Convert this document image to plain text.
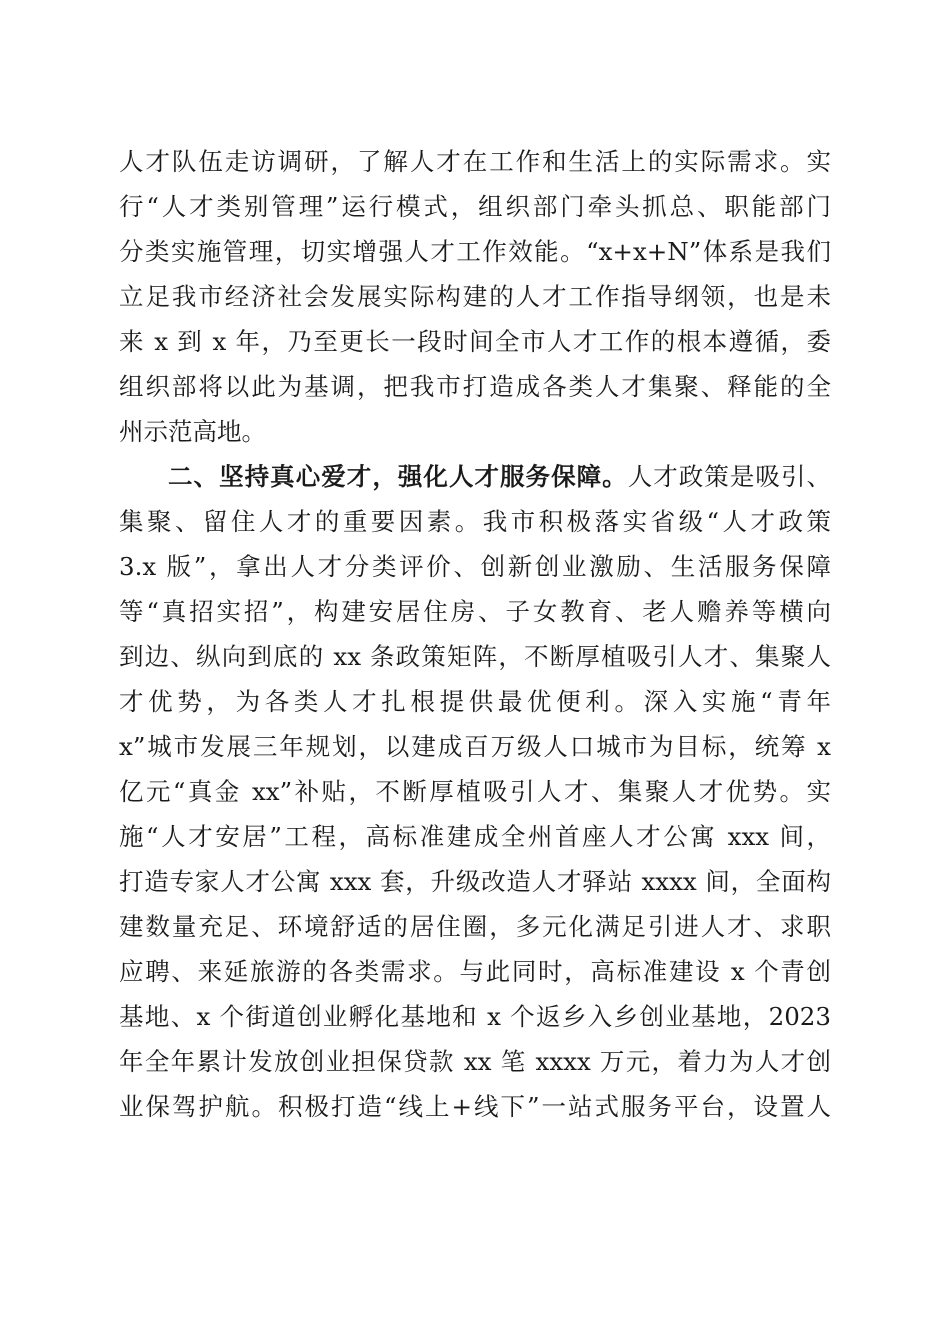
人才队伍走访调研，了解人才在工作和生活上的实际需求。实
行“人才类别管理”运行模式，组织部门牵头抓总、职能部门
分类实施管理，切实增强人才工作效能。“x+x+N”体系是我们
立足我市经济社会发展实际构建的人才工作指导纲领，也是未
来 x 到 x 年，乃至更长一段时间全市人才工作的根本遵循，委
组织部将以此为基调，把我市打造成各类人才集聚、释能的全
州示范高地。
二、坚持真心爱才，强化人才服务保障。人才政策是吸引、
集聚、留住人才的重要因素。我市积极落实省级“人才政策
3.x 版”，拿出人才分类评价、创新创业激励、生活服务保障
等“真招实招”，构建安居住房、子女教育、老人赡养等横向
到边、纵向到底的 xx 条政策矩阵，不断厚植吸引人才、集聚人
才优势，为各类人才扎根提供最优便利。深入实施“青年
x”城市发展三年规划，以建成百万级人口城市为目标，统筹 x
亿元“真金 xx”补贴，不断厚植吸引人才、集聚人才优势。实
施“人才安居”工程，高标准建成全州首座人才公寓 xxx 间，
打造专家人才公寓 xxx 套，升级改造人才驿站 xxxx 间，全面构
建数量充足、环境舒适的居住圈，多元化满足引进人才、求职
应聘、来延旅游的各类需求。与此同时，高标准建设 x 个青创
基地、x 个街道创业孵化基地和 x 个返乡入乡创业基地，2023
年全年累计发放创业担保贷款 xx 笔 xxxx 万元，着力为人才创
业保驾护航。积极打造“线上+线下”一站式服务平台，设置人
